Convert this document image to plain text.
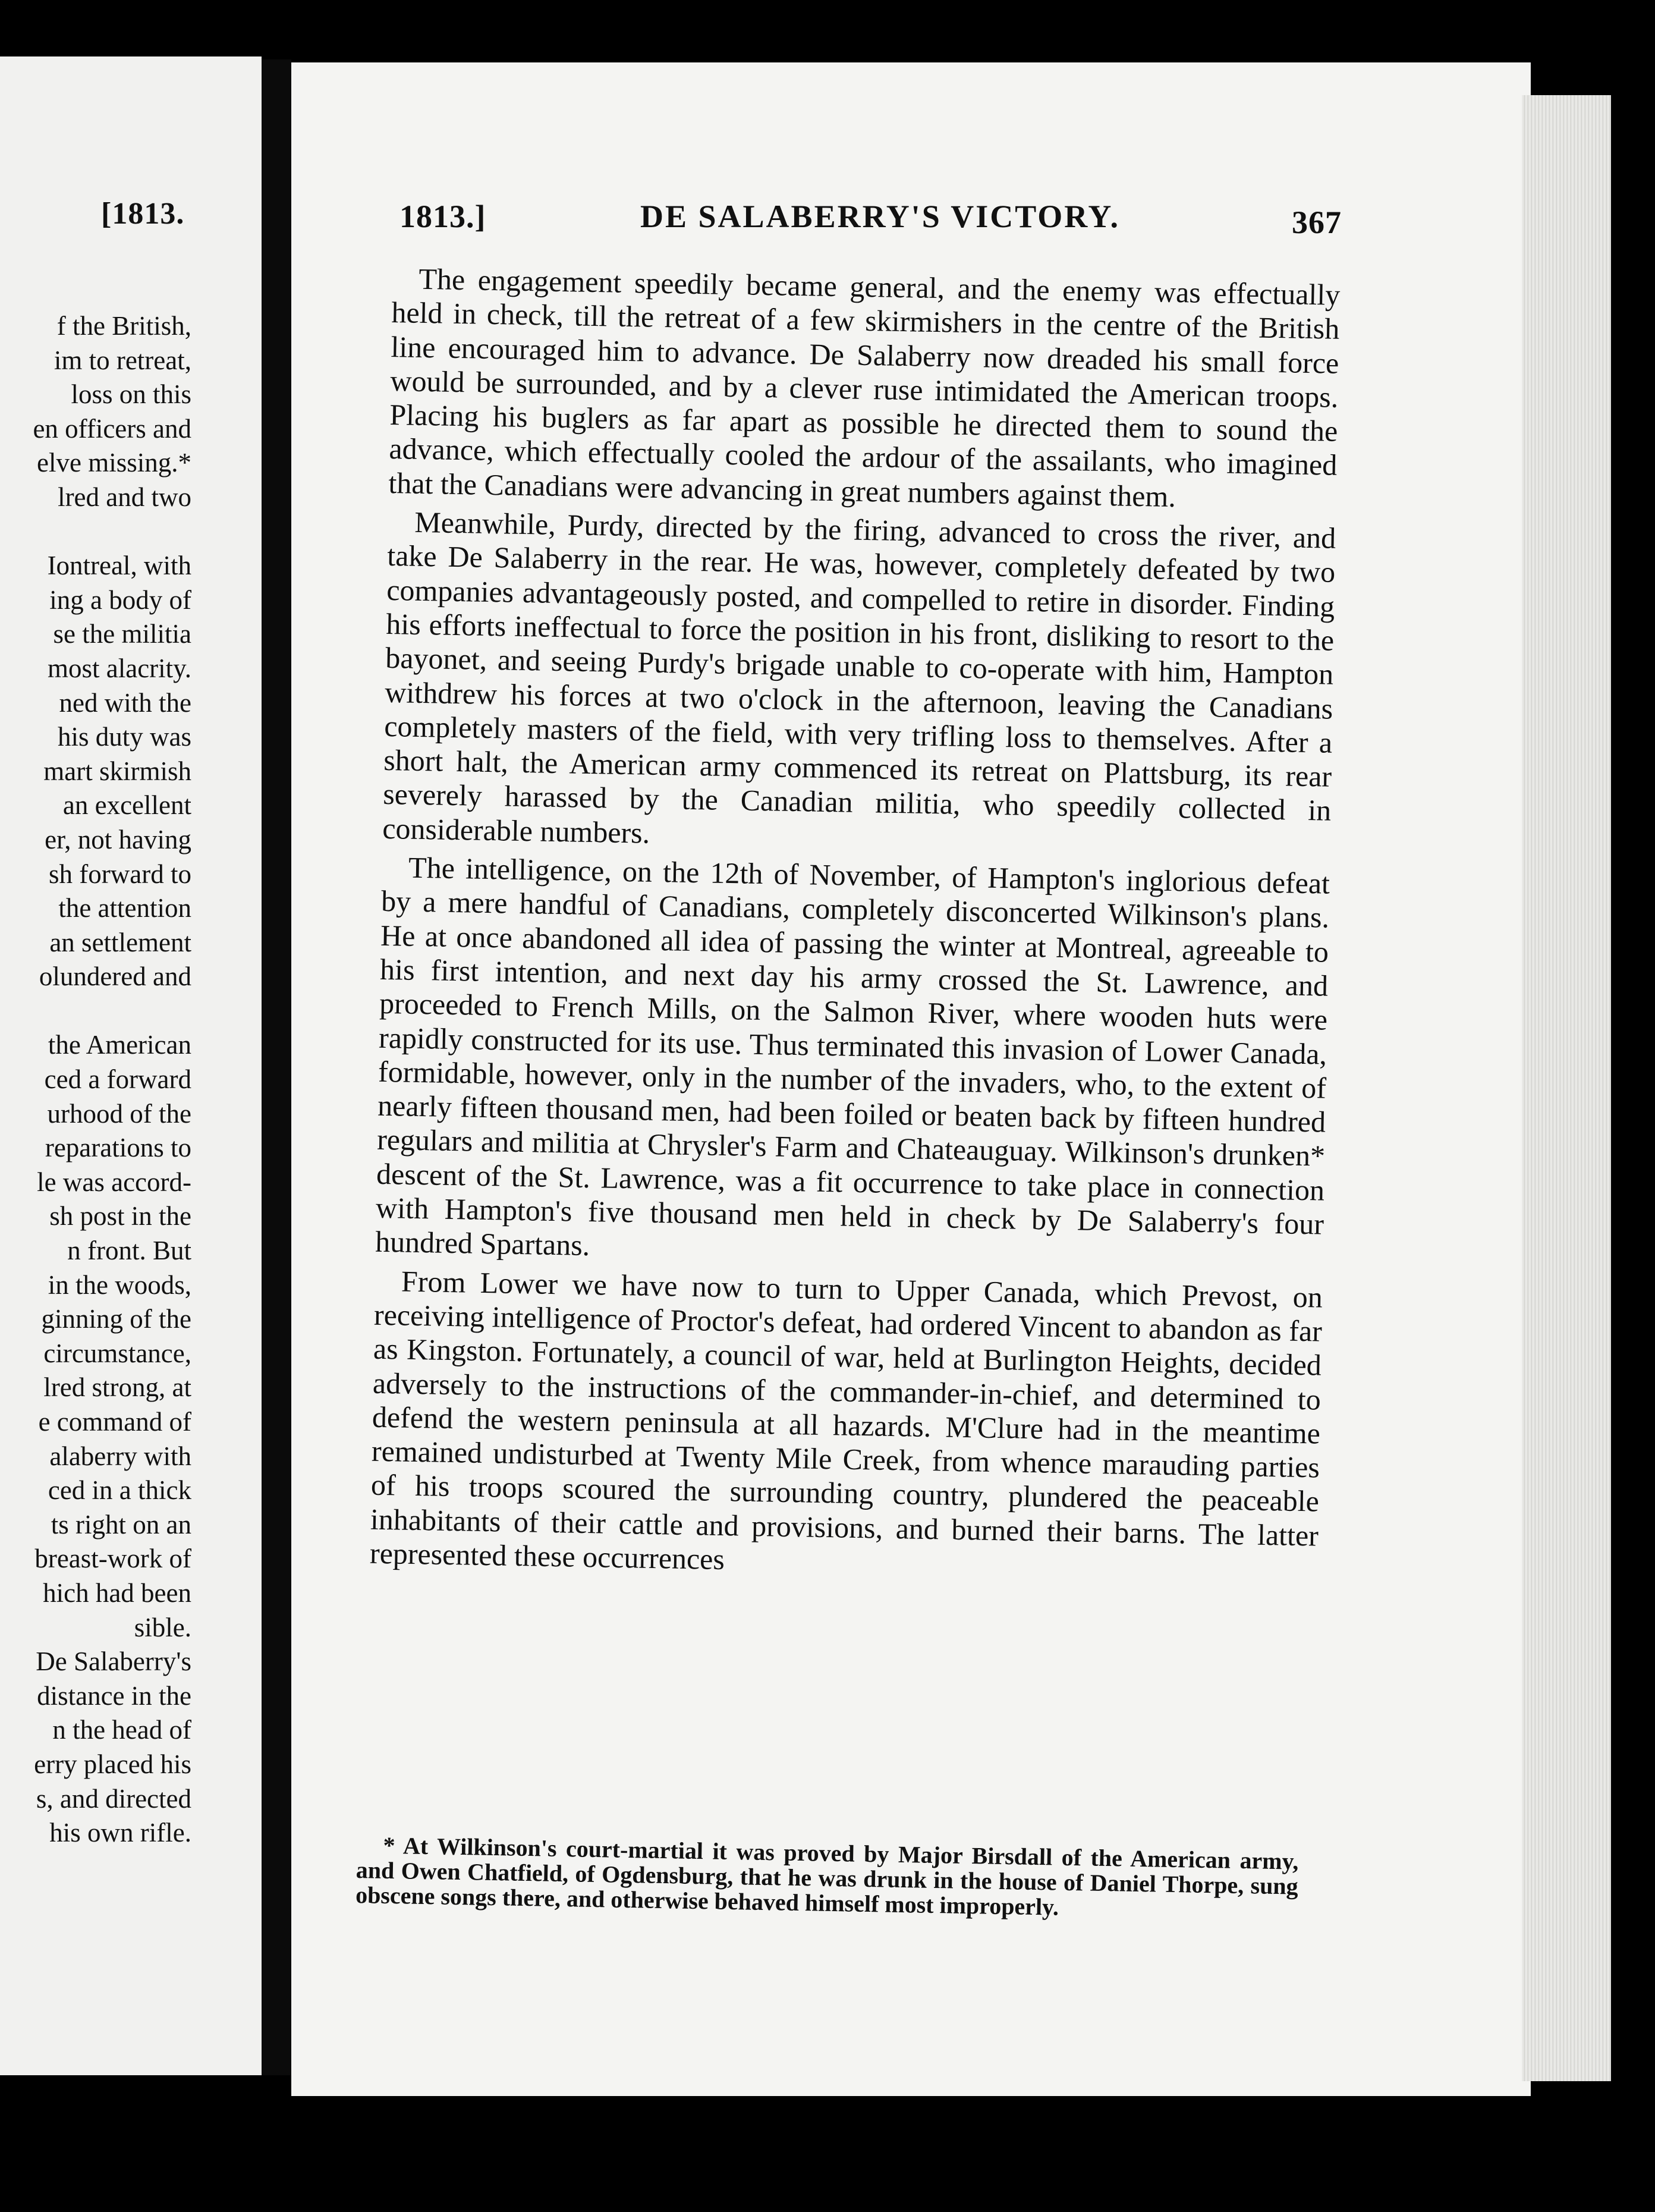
[1813.
f the British,
im to retreat,
loss on this
en officers and
elve missing.*
lred and two
Iontreal, with
ing a body of
se the militia
most alacrity.
ned with the
his duty was
mart skirmish
an excellent
er, not having
sh forward to
the attention
an settlement
olundered and
the American
ced a forward
urhood of the
reparations to
le was accord-
sh post in the
n front. But
in the woods,
ginning of the
circumstance,
lred strong, at
e command of
alaberry with
ced in a thick
ts right on an
breast-work of
hich had been
sible.
De Salaberry's
distance in the
n the head of
erry placed his
s, and directed
his own rifle.
1813.]	DE SALABERRY'S VICTORY.	367

The engagement speedily became general, and the enemy was effectually held in check, till the retreat of a few skirmishers in the centre of the British line encouraged him to advance. De Salaberry now dreaded his small force would be surrounded, and by a clever ruse intimidated the American troops. Placing his buglers as far apart as possible he directed them to sound the advance, which effectually cooled the ardour of the assailants, who imagined that the Canadians were advancing in great numbers against them.

Meanwhile, Purdy, directed by the firing, advanced to cross the river, and take De Salaberry in the rear. He was, however, completely defeated by two companies advantageously posted, and compelled to retire in disorder. Finding his efforts ineffectual to force the position in his front, disliking to resort to the bayonet, and seeing Purdy's brigade unable to co-operate with him, Hampton withdrew his forces at two o'clock in the afternoon, leaving the Canadians completely masters of the field, with very trifling loss to themselves. After a short halt, the American army commenced its retreat on Plattsburg, its rear severely harassed by the Canadian militia, who speedily collected in considerable numbers.

The intelligence, on the 12th of November, of Hampton's inglorious defeat by a mere handful of Canadians, completely disconcerted Wilkinson's plans. He at once abandoned all idea of passing the winter at Montreal, agreeable to his first intention, and next day his army crossed the St. Lawrence, and proceeded to French Mills, on the Salmon River, where wooden huts were rapidly constructed for its use. Thus terminated this invasion of Lower Canada, formidable, however, only in the number of the invaders, who, to the extent of nearly fifteen thousand men, had been foiled or beaten back by fifteen hundred regulars and militia at Chrysler's Farm and Chateauguay. Wilkinson's drunken* descent of the St. Lawrence, was a fit occurrence to take place in connection with Hampton's five thousand men held in check by De Salaberry's four hundred Spartans.

From Lower we have now to turn to Upper Canada, which Prevost, on receiving intelligence of Proctor's defeat, had ordered Vincent to abandon as far as Kingston. Fortunately, a council of war, held at Burlington Heights, decided adversely to the instructions of the commander-in-chief, and determined to defend the western peninsula at all hazards. M'Clure had in the meantime remained undisturbed at Twenty Mile Creek, from whence marauding parties of his troops scoured the surrounding country, plundered the peaceable inhabitants of their cattle and provisions, and burned their barns. The latter represented these occurrences

* At Wilkinson's court-martial it was proved by Major Birsdall of the American army, and Owen Chatfield, of Ogdensburg, that he was drunk in the house of Daniel Thorpe, sung obscene songs there, and otherwise behaved himself most improperly.
